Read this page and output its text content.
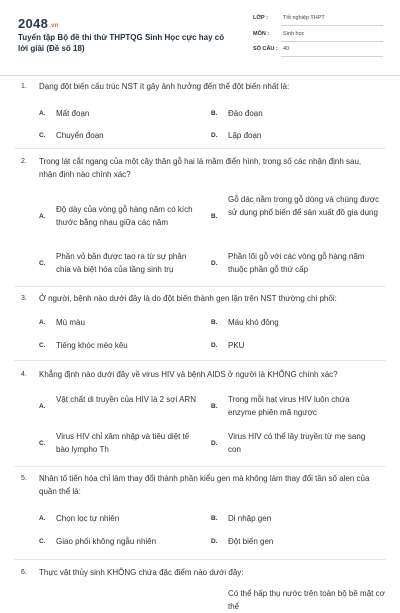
2048.vn
Tuyển tập Bộ đề thi thử THPTQG Sinh Học cực hay có lời giải (Đề số 18)
LỚP :	Tốt nghiệp THPT
MÔN :	Sinh học
SỐ CÂU : 40
1. Dạng đột biến cấu trúc NST ít gây ảnh hưởng đến thể đột biến nhất là:
A. Mất đoạn	B. Đảo đoạn
C. Chuyển đoạn	D. Lặp đoạn
2. Trong lát cắt ngang của một cây thân gỗ hai lá mầm điển hình, trong số các nhận định sau, nhận định nào chính xác?
A.
Độ dày của vòng gỗ hàng năm có kích thước bằng nhau giữa các năm
B.
Gỗ dác nằm trong gỗ dòng và chúng được sử dụng phổ biến để sản xuất đồ gia dụng
C.
Phần vỏ bần được tạo ra từ sự phân chia và biệt hóa của tầng sinh trụ
D.
Phần lõi gỗ với các vòng gỗ hàng năm thuộc phần gỗ thứ cấp
3. Ở người, bệnh nào dưới đây là do đột biến thành gen lặn trên NST thường chi phối:
A. Mù màu	B. Máu khó đông
C. Tiếng khóc mèo kêu	D. PKU
4. Khẳng định nào dưới đây về virus HIV và bệnh AIDS ở người là KHÔNG chính xác?
A.
Vật chất di truyền của HIV là 2 sợi ARN
B.
Trong mỗi hạt virus HIV luôn chứa enzyme phiên mã ngược
C.
Virus HIV chỉ xâm nhập và tiêu diệt tế bào lympho Th
D.
Virus HIV có thể lây truyền từ mẹ sang con
5. Nhân tố tiến hóa chỉ làm thay đổi thành phần kiểu gen mà không làm thay đổi tần số alen của quần thể là:
A. Chọn lọc tự nhiên	B. Di nhập gen
C. Giao phối không ngẫu nhiên	D. Đột biến gen
6. Thực vật thủy sinh KHÔNG chứa đặc điểm nào dưới đây:
Có thể hấp thụ nước trên toàn bộ bề mặt cơ thể
